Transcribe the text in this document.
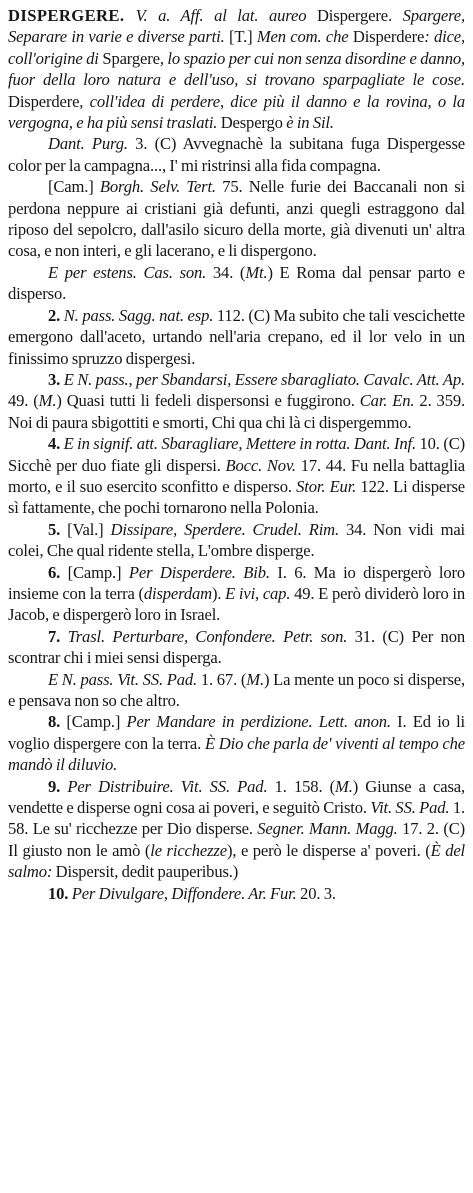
DISPERGERE. V. a. Aff. al lat. aureo Dispergere. Spargere, Separare in varie e diverse parti. [T.] Men com. che Disperdere: dice, coll'origine di Spargere, lo spazio per cui non senza disordine e danno, fuor della loro natura e dell'uso, si trovano sparpagliate le cose. Disperdere, coll'idea di perdere, dice più il danno e la rovina, o la vergogna, e ha più sensi traslati. Despergo è in Sil.

Dant. Purg. 3. (C) Avvegnachè la subitana fuga Dispergesse color per la campagna..., I' mi ristrinsi alla fida compagna.

[Cam.] Borgh. Selv. Tert. 75. Nelle furie dei Baccanali non si perdona neppure ai cristiani già defunti, anzi quegli estraggono dal riposo del sepolcro, dall'asilo sicuro della morte, già divenuti un' altra cosa, e non interi, e gli lacerano, e li dispergono.

E per estens. Cas. son. 34. (Mt.) E Roma dal pensar parto e disperso.

2. N. pass. Sagg. nat. esp. 112. (C) Ma subito che tali vescichette emergono dall'aceto, urtando nell'aria crepano, ed il lor velo in un finissimo spruzzo dispergesi.

3. E N. pass., per Sbandarsi, Essere sbaragliato. Cavalc. Att. Ap. 49. (M.) Quasi tutti li fedeli dispersonsi e fuggirono. Car. En. 2. 359. Noi di paura sbigottiti e smorti, Chi qua chi là ci dispergemmo.

4. E in signif. att. Sbaragliare, Mettere in rotta. Dant. Inf. 10. (C) Sicchè per duo fiate gli dispersi. Bocc. Nov. 17. 44. Fu nella battaglia morto, e il suo esercito sconfitto e disperso. Stor. Eur. 122. Li disperse sì fattamente, che pochi tornarono nella Polonia.

5. [Val.] Dissipare, Sperdere. Crudel. Rim. 34. Non vidi mai colei, Che qual ridente stella, L'ombre disperge.

6. [Camp.] Per Disperdere. Bib. I. 6. Ma io dispergerò loro insieme con la terra (disperdam). E ivi, cap. 49. E però dividerò loro in Jacob, e dispergerò loro in Israel.

7. Trasl. Perturbare, Confondere. Petr. son. 31. (C) Per non scontrar chi i miei sensi disperga.

E N. pass. Vit. SS. Pad. 1. 67. (M.) La mente un poco si disperse, e pensava non so che altro.

8. [Camp.] Per Mandare in perdizione. Lett. anon. I. Ed io li voglio dispergere con la terra. È Dio che parla de' viventi al tempo che mandò il diluvio.

9. Per Distribuire. Vit. SS. Pad. 1. 158. (M.) Giunse a casa, vendette e disperse ogni cosa ai poveri, e seguitò Cristo. Vit. SS. Pad. 1. 58. Le su' ricchezze per Dio disperse. Segner. Mann. Magg. 17. 2. (C) Il giusto non le amò (le ricchezze), e però le disperse a' poveri. (È del salmo: Dispersit, dedit pauperibus.)

10. Per Divulgare, Diffondere. Ar. Fur. 20. 3.
